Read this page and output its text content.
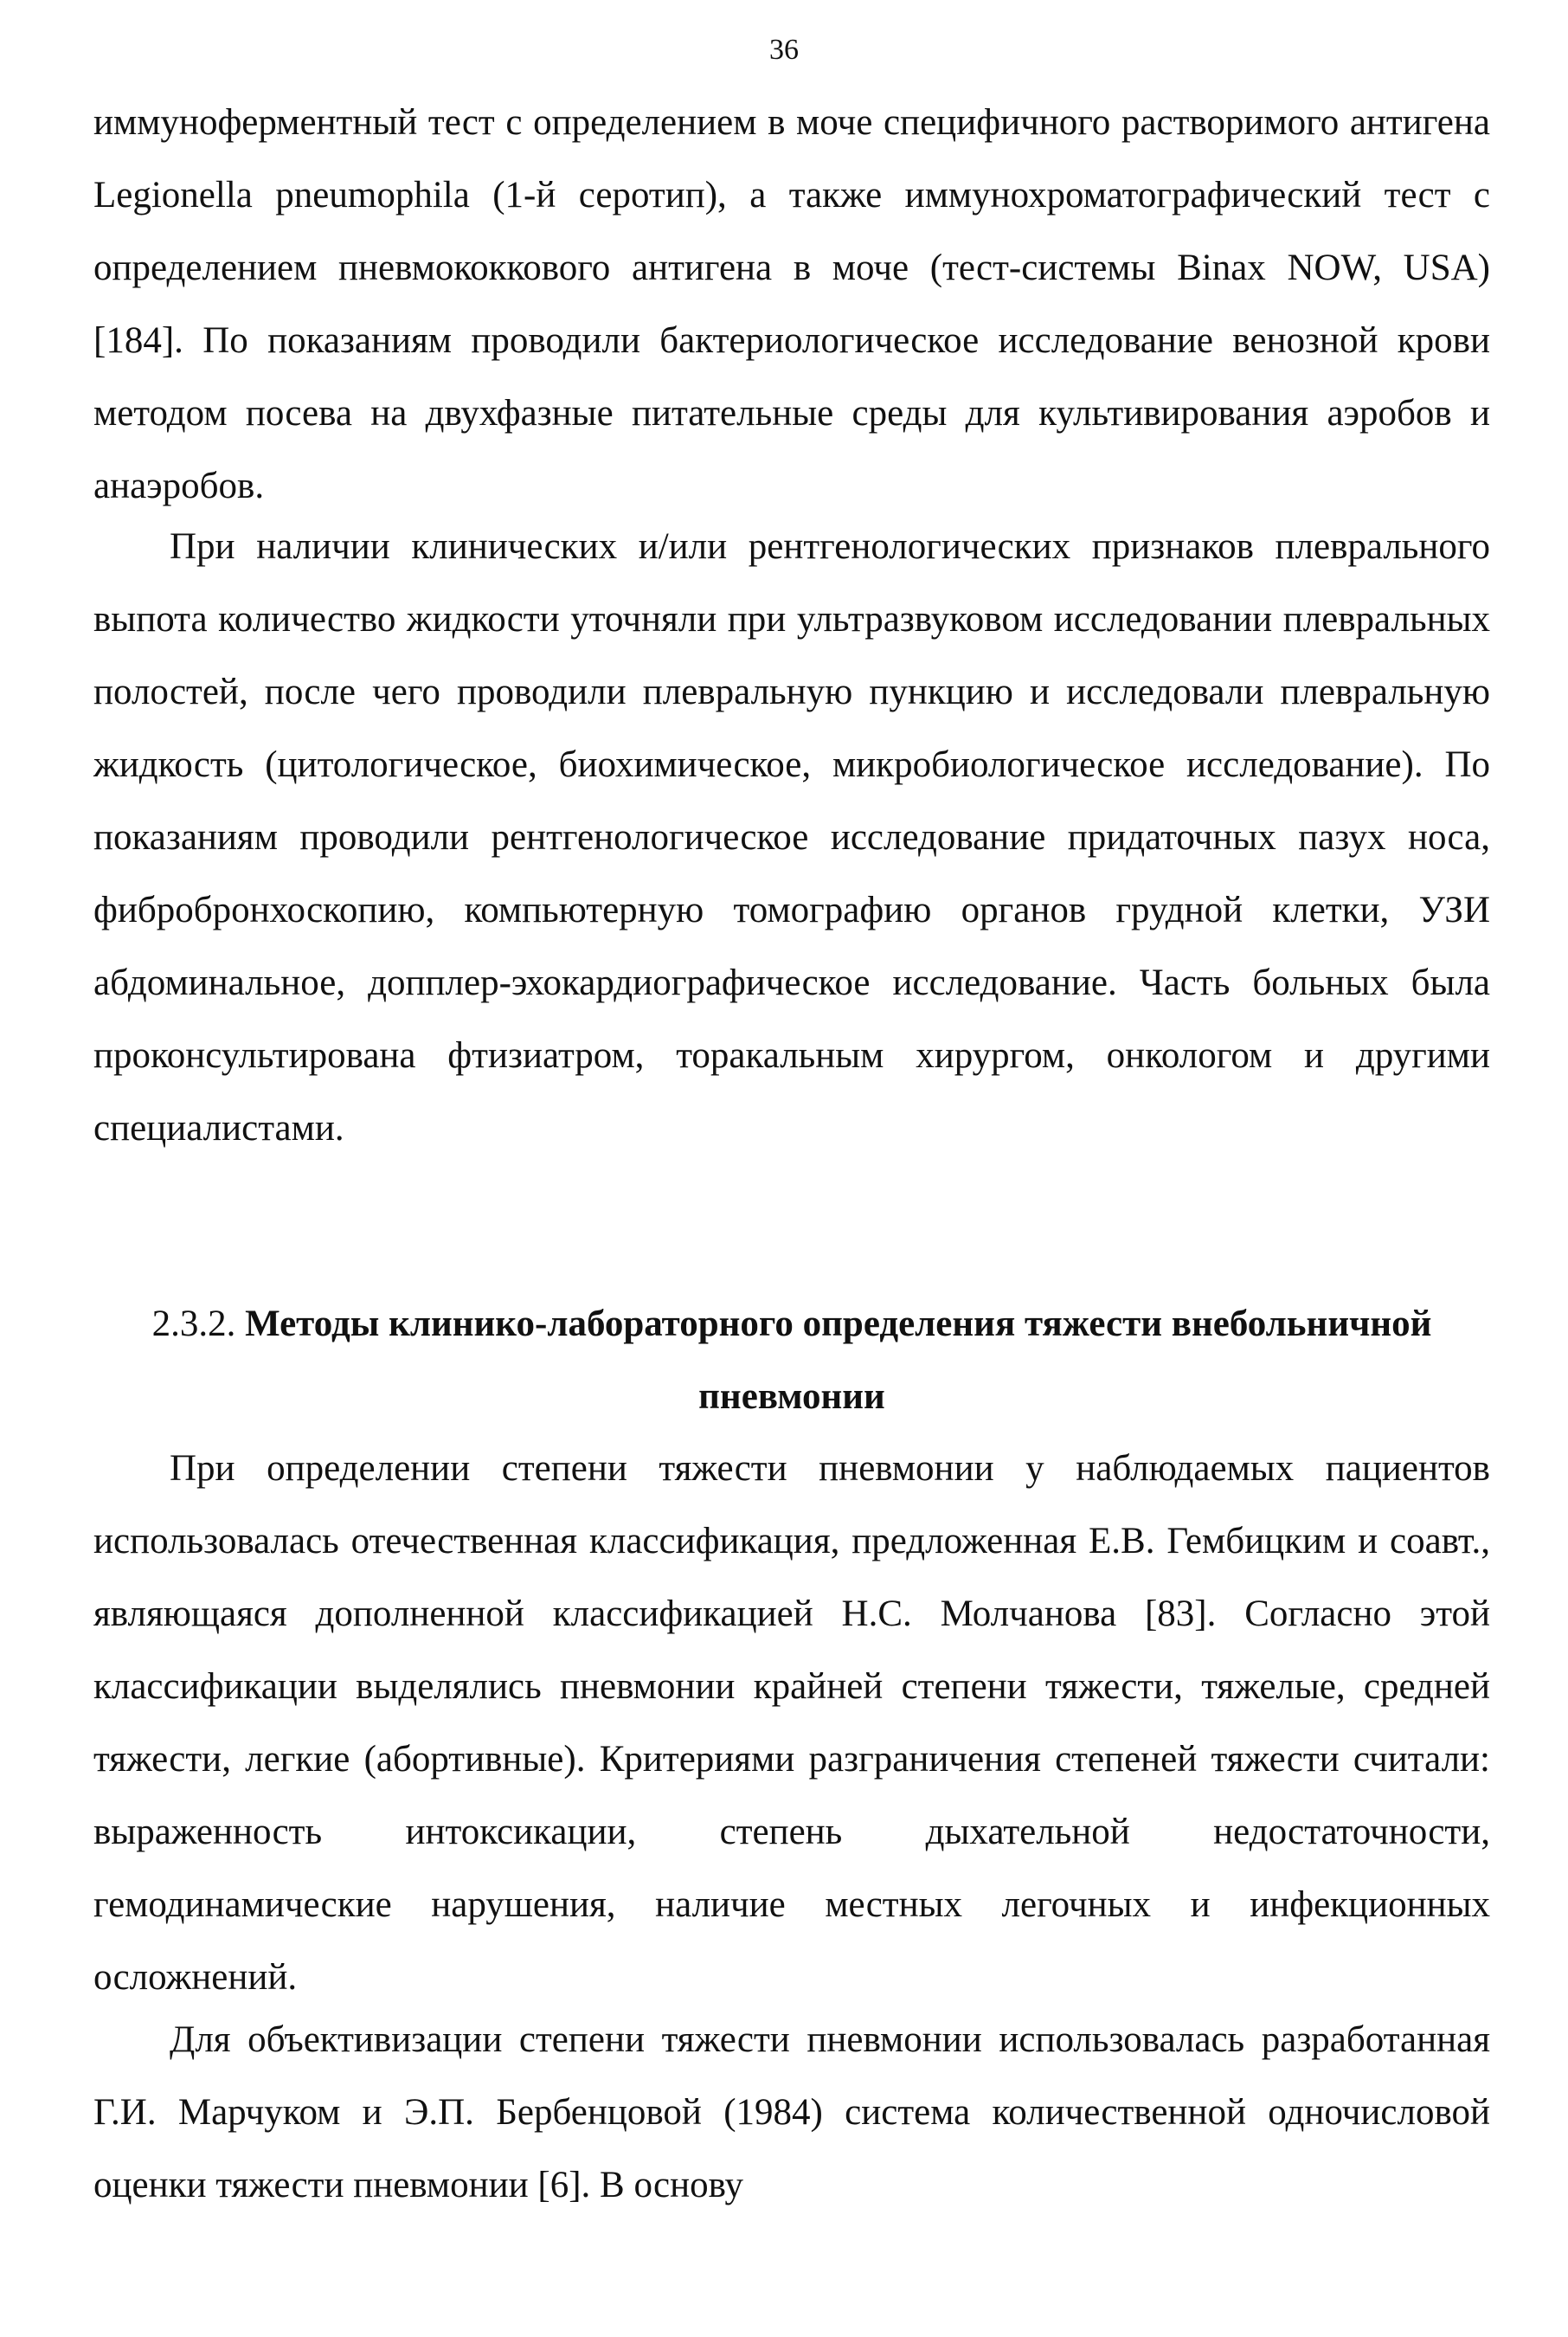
36

иммуноферментный тест с определением в моче специфичного растворимого антигена Legionella pneumophila (1-й серотип), а также иммунохроматографический тест с определением пневмококкового антигена в моче (тест-системы Binax NOW, USA) [184]. По показаниям проводили бактериологическое исследование венозной крови методом посева на двухфазные питательные среды для культивирования аэробов и анаэробов.

При наличии клинических и/или рентгенологических признаков плеврального выпота количество жидкости уточняли при ультразвуковом исследовании плевральных полостей, после чего проводили плевральную пункцию и исследовали плевральную жидкость (цитологическое, биохимическое, микробиологическое исследование). По показаниям проводили рентгенологическое исследование придаточных пазух носа, фибробронхоскопию, компьютерную томографию органов грудной клетки, УЗИ абдоминальное, допплер-эхокардиографическое исследование. Часть больных была проконсультирована фтизиатром, торакальным хирургом, онкологом и другими специалистами.

2.3.2. Методы клинико-лабораторного определения тяжести внебольничной пневмонии

При определении степени тяжести пневмонии у наблюдаемых пациентов использовалась отечественная классификация, предложенная Е.В. Гембицким и соавт., являющаяся дополненной классификацией Н.С. Молчанова [83]. Согласно этой классификации выделялись пневмонии крайней степени тяжести, тяжелые, средней тяжести, легкие (абортивные). Критериями разграничения степеней тяжести считали: выраженность интоксикации, степень дыхательной недостаточности, гемодинамические нарушения, наличие местных легочных и инфекционных осложнений.

Для объективизации степени тяжести пневмонии использовалась разработанная Г.И. Марчуком и Э.П. Бербенцовой (1984) система количественной одночисловой оценки тяжести пневмонии [6]. В основу
